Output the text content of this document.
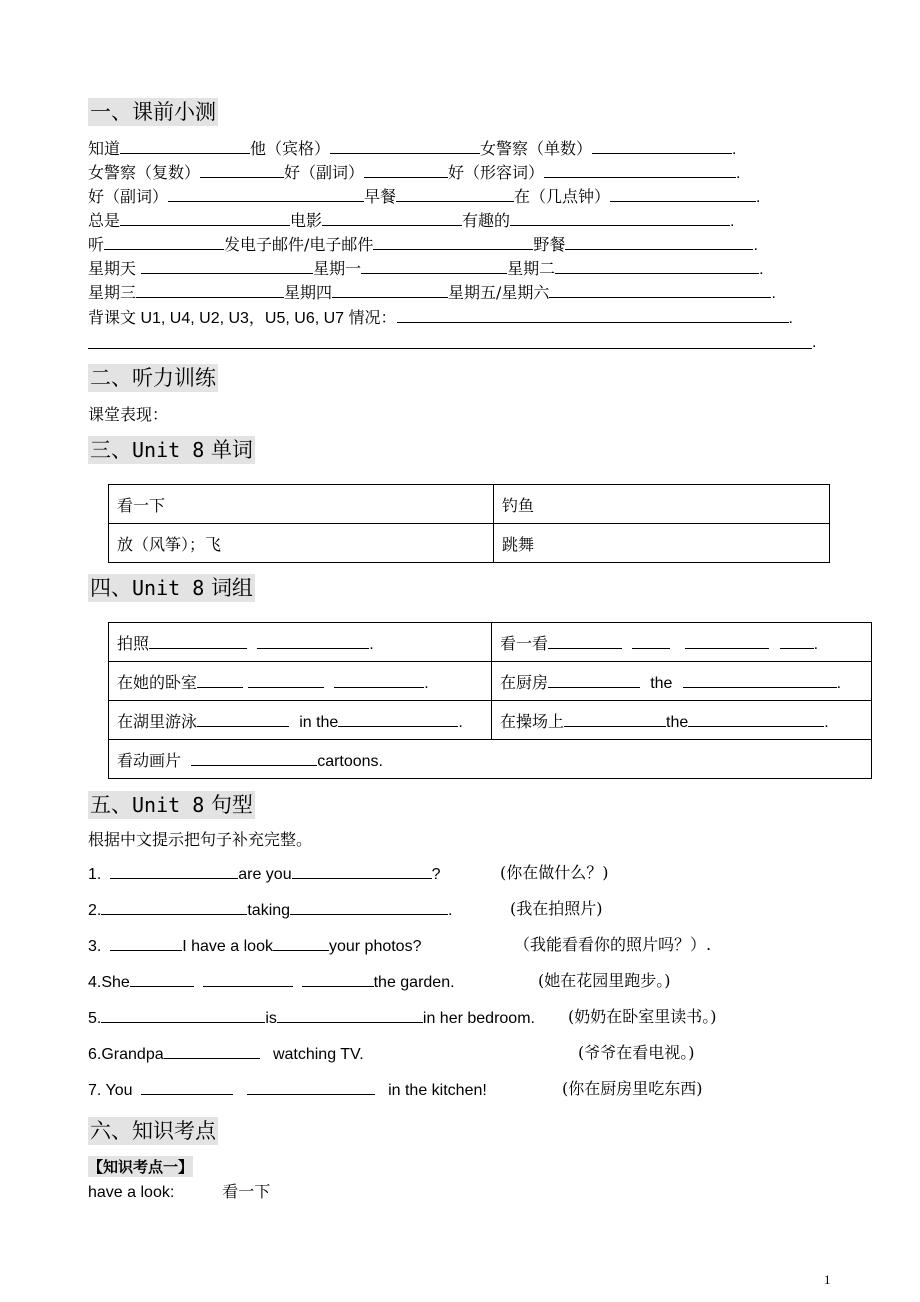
一、课前小测
知道	他（宾格）	女警察（单数）	.
女警察（复数）	好（副词）	好（形容词）	.
好（副词）	早餐	在（几点钟）	.
总是	电影	有趣的	.
听	发电子邮件/电子邮件	野餐	.
星期天	星期一	星期二	.
星期三	星期四	星期五/星期六	.
背课文 U1, U4, U2, U3，U5, U6, U7 情况：	.
.
二、听力训练
课堂表现：
三、Unit 8 单词
看一下	钓鱼
放（风筝）；飞	跳舞
四、Unit 8 词组
拍照 .	看一看 .
在她的卧室 .	在厨房 the .
在湖里游泳 in the .	在操场上 the .
看动画片 cartoons.	
五、Unit 8 句型
根据中文提示把句子补充完整。
1.	are you	?	(你在做什么？)
2.	taking	.	(我在拍照片)
3.	I have a look	your photos?	（我能看看你的照片吗？）.
4.She	the garden.	(她在花园里跑步。)
5.	is	in her bedroom. (奶奶在卧室里读书。)
6.Grandpa	watching TV.	(爷爷在看电视。)
7. You	in the kitchen!	(你在厨房里吃东西)
六、知识考点
【知识考点一】
have a look:	看一下
1
